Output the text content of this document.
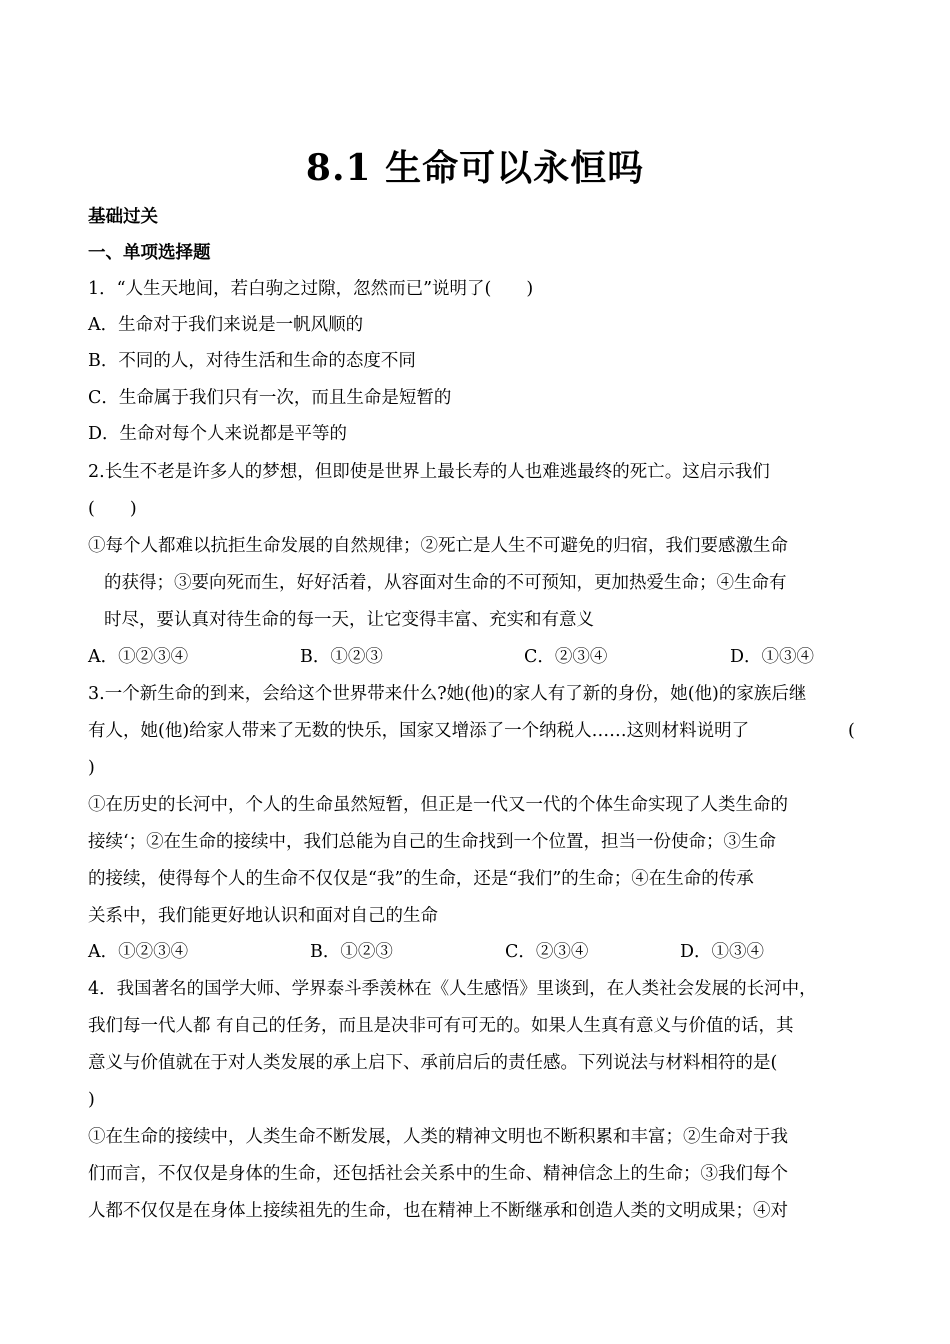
8.1 生命可以永恒吗
基础过关
一、单项选择题
1．“人生天地间，若白驹之过隙，忽然而已”说明了(　　)
A．生命对于我们来说是一帆风顺的
B．不同的人，对待生活和生命的态度不同
C．生命属于我们只有一次，而且生命是短暂的
D．生命对每个人来说都是平等的
2.长生不老是许多人的梦想，但即使是世界上最长寿的人也难逃最终的死亡。这启示我们
(　　)
①每个人都难以抗拒生命发展的自然规律；②死亡是人生不可避免的归宿，我们要感激生命
的获得；③要向死而生，好好活着，从容面对生命的不可预知，更加热爱生命；④生命有
时尽，要认真对待生命的每一天，让它变得丰富、充实和有意义
A．①②③④	B．①②③	C．②③④	D．①③④
3.一个新生命的到来，会给这个世界带来什么?她(他)的家人有了新的身份，她(他)的家族后继
有人，她(他)给家人带来了无数的快乐，国家又增添了一个纳税人……这则材料说明了	(
)
①在历史的长河中，个人的生命虽然短暂，但正是一代又一代的个体生命实现了人类生命的
接续‘；②在生命的接续中，我们总能为自己的生命找到一个位置，担当一份使命；③生命
的接续，使得每个人的生命不仅仅是“我”的生命，还是“我们”的生命；④在生命的传承
关系中，我们能更好地认识和面对自己的生命
A．①②③④	B．①②③	C．②③④	D．①③④
4．我国著名的国学大师、学界泰斗季羡林在《人生感悟》里谈到，在人类社会发展的长河中，
我们每一代人都 有自己的任务，而且是决非可有可无的。如果人生真有意义与价值的话，其
意义与价值就在于对人类发展的承上启下、承前启后的责任感。下列说法与材料相符的是(
)
①在生命的接续中，人类生命不断发展，人类的精神文明也不断积累和丰富；②生命对于我
们而言，不仅仅是身体的生命，还包括社会关系中的生命、精神信念上的生命；③我们每个
人都不仅仅是在身体上接续祖先的生命，也在精神上不断继承和创造人类的文明成果；④对
